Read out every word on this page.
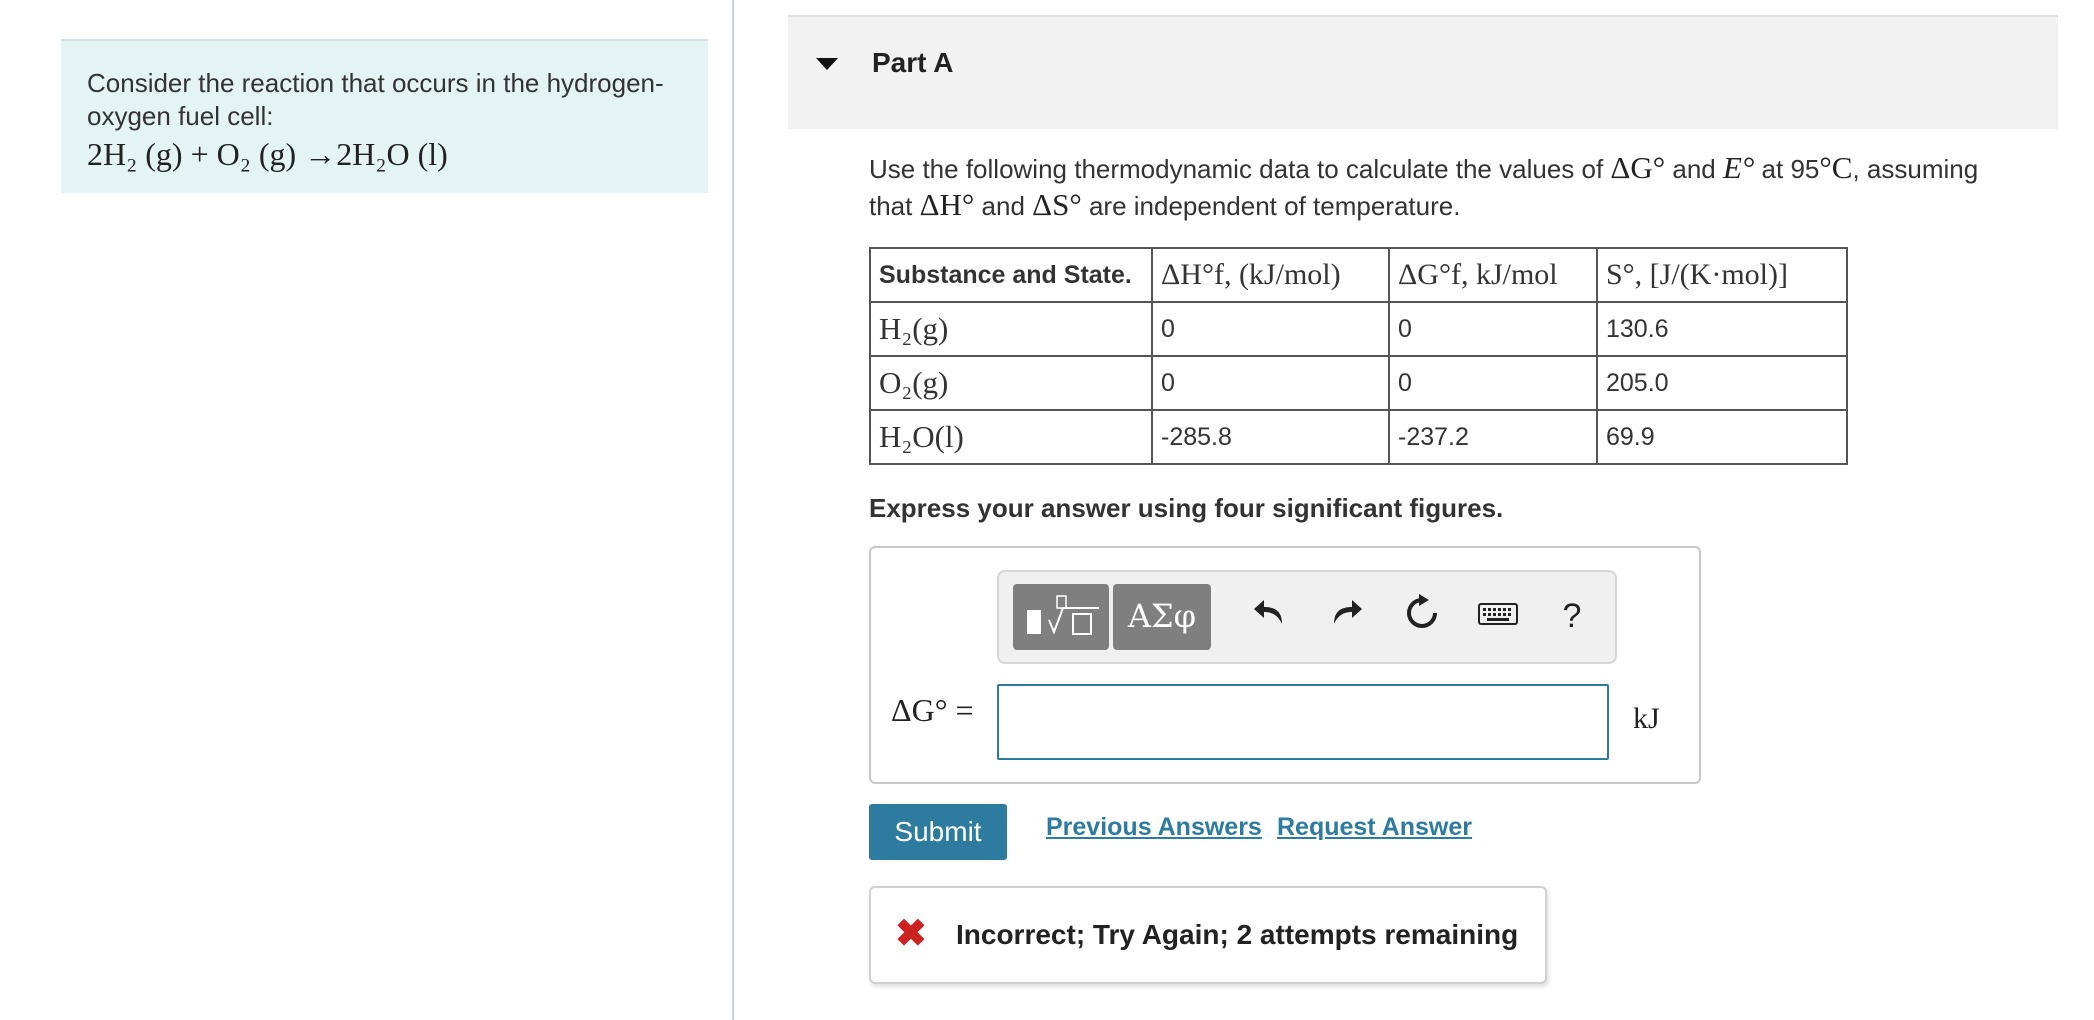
Consider the reaction that occurs in the hydrogen-oxygen fuel cell:
2H₂ (g) + O₂ (g) →2H₂O (l)
Part A
Use the following thermodynamic data to calculate the values of ΔG° and E° at 95°C, assuming that ΔH° and ΔS° are independent of temperature.
Substance and State.	ΔH°f, (kJ/mol)	ΔG°f, kJ/mol	S°, [J/(K·mol)]
H₂(g)	0	0	130.6
O₂(g)	0	0	205.0
H₂O(l)	-285.8	-237.2	69.9
Express your answer using four significant figures.
ΑΣφ	?
ΔG° =	kJ
Submit	Previous Answers Request Answer
✖ Incorrect; Try Again; 2 attempts remaining
